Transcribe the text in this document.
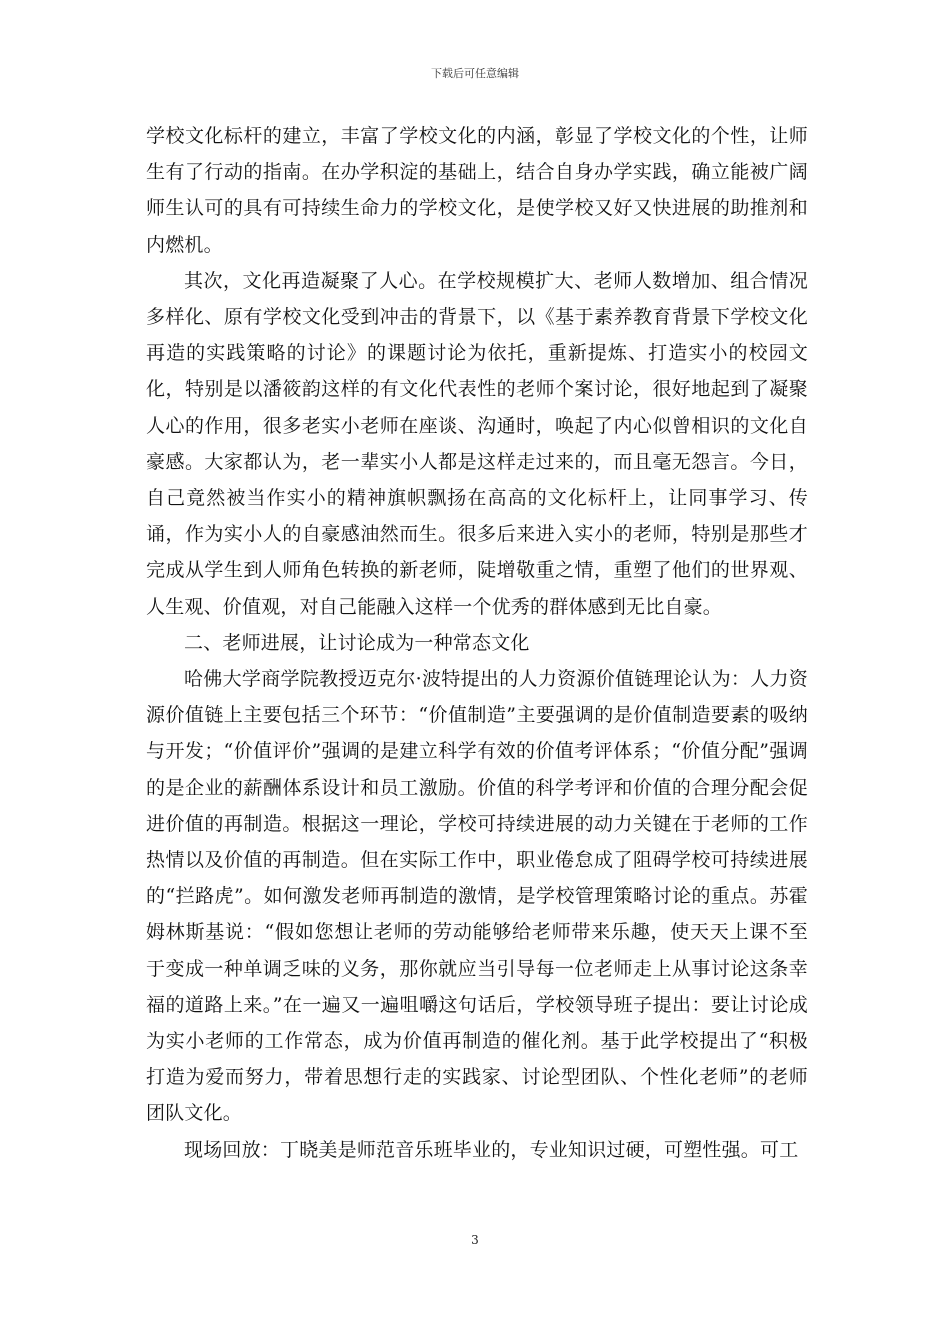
下载后可任意编辑

学校文化标杆的建立，丰富了学校文化的内涵，彰显了学校文化的个性，让师生有了行动的指南。在办学积淀的基础上，结合自身办学实践，确立能被广阔师生认可的具有可持续生命力的学校文化，是使学校又好又快进展的助推剂和内燃机。

其次，文化再造凝聚了人心。在学校规模扩大、老师人数增加、组合情况多样化、原有学校文化受到冲击的背景下，以《基于素养教育背景下学校文化再造的实践策略的讨论》的课题讨论为依托，重新提炼、打造实小的校园文化，特别是以潘筱韵这样的有文化代表性的老师个案讨论，很好地起到了凝聚人心的作用，很多老实小老师在座谈、沟通时，唤起了内心似曾相识的文化自豪感。大家都认为，老一辈实小人都是这样走过来的，而且毫无怨言。今日，自己竟然被当作实小的精神旗帜飘扬在高高的文化标杆上，让同事学习、传诵，作为实小人的自豪感油然而生。很多后来进入实小的老师，特别是那些才完成从学生到人师角色转换的新老师，陡增敬重之情，重塑了他们的世界观、人生观、价值观，对自己能融入这样一个优秀的群体感到无比自豪。

二、老师进展，让讨论成为一种常态文化

哈佛大学商学院教授迈克尔·波特提出的人力资源价值链理论认为：人力资源价值链上主要包括三个环节：“价值制造”主要强调的是价值制造要素的吸纳与开发；“价值评价”强调的是建立科学有效的价值考评体系；“价值分配”强调的是企业的薪酬体系设计和员工激励。价值的科学考评和价值的合理分配会促进价值的再制造。根据这一理论，学校可持续进展的动力关键在于老师的工作热情以及价值的再制造。但在实际工作中，职业倦怠成了阻碍学校可持续进展的“拦路虎”。如何激发老师再制造的激情，是学校管理策略讨论的重点。苏霍姆林斯基说：“假如您想让老师的劳动能够给老师带来乐趣，使天天上课不至于变成一种单调乏味的义务，那你就应当引导每一位老师走上从事讨论这条幸福的道路上来。”在一遍又一遍咀嚼这句话后，学校领导班子提出：要让讨论成为实小老师的工作常态，成为价值再制造的催化剂。基于此学校提出了“积极打造为爱而努力，带着思想行走的实践家、讨论型团队、个性化老师”的老师团队文化。

现场回放：丁晓美是师范音乐班毕业的，专业知识过硬，可塑性强。可工

3
